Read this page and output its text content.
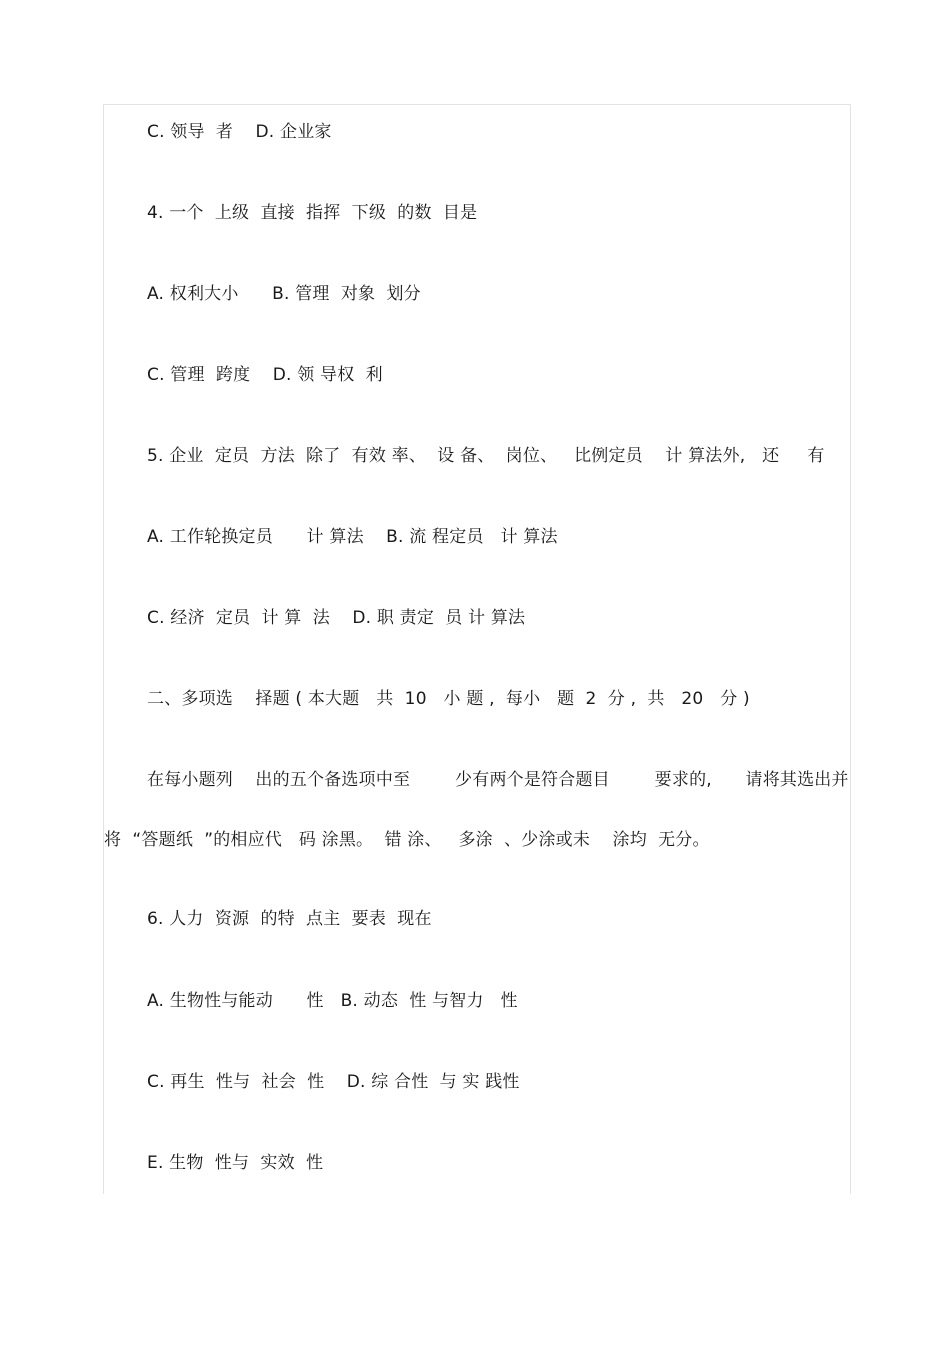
C. 领导  者    D. 企业家
4. 一个  上级  直接  指挥  下级  的数  目是
A. 权利大小      B. 管理  对象  划分
C. 管理  跨度    D. 领 导权  利
5. 企业  定员  方法  除了  有效 率、  设 备、  岗位、   比例定员    计 算法外,   还     有
A. 工作轮换定员      计 算法    B. 流 程定员   计 算法
C. 经济  定员  计 算  法    D. 职 责定  员 计 算法
二、多项选    择题 ( 本大题   共  10   小 题 ,  每小   题  2  分 ,  共   20   分 )
在每小题列    出的五个备选项中至        少有两个是符合题目        要求的,      请将其选出并
将  “答题纸  ”的相应代   码 涂黑。  错 涂、   多涂  、少涂或未    涂均  无分。
6. 人力  资源  的特  点主  要表  现在
A. 生物性与能动      性   B. 动态  性 与智力   性
C. 再生  性与  社会  性    D. 综 合性  与 实 践性
E. 生物  性与  实效  性
